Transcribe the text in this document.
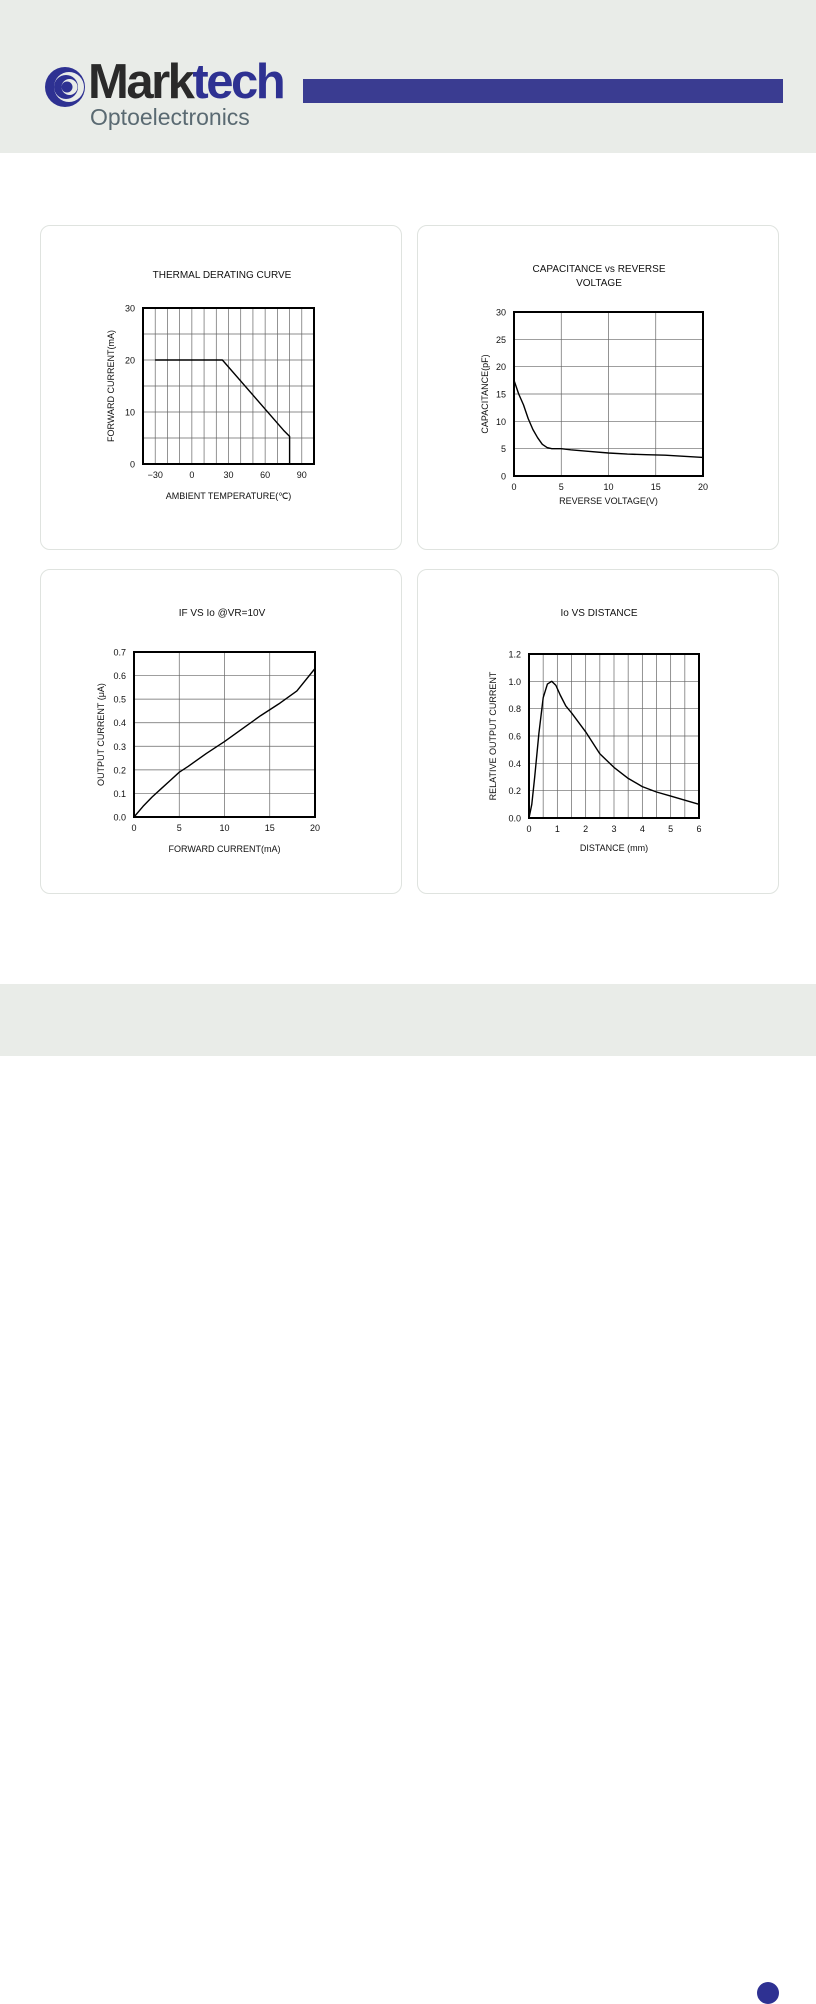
Marktech
Optoelectronics
THERMAL DERATING CURVE
−30	0	30	60	90
0
10
20
30
AMBIENT TEMPERATURE(℃)
FORWARD CURRENT(mA)
CAPACITANCE vs REVERSE
VOLTAGE
0	5	10	15	20
0
5
10
15
20
25
30
REVERSE VOLTAGE(V)
CAPACITANCE(pF)
IF VS Io @VR=10V
0	5	10	15	20
0.0
0.1
0.2
0.3
0.4
0.5
0.6
0.7
FORWARD CURRENT(mA)
OUTPUT CURRENT (μA)
Io VS DISTANCE
0	1	2	3	4	5	6
0.0
0.2
0.4
0.6
0.8
1.0
1.2
DISTANCE (mm)
RELATIVE OUTPUT CURRENT
